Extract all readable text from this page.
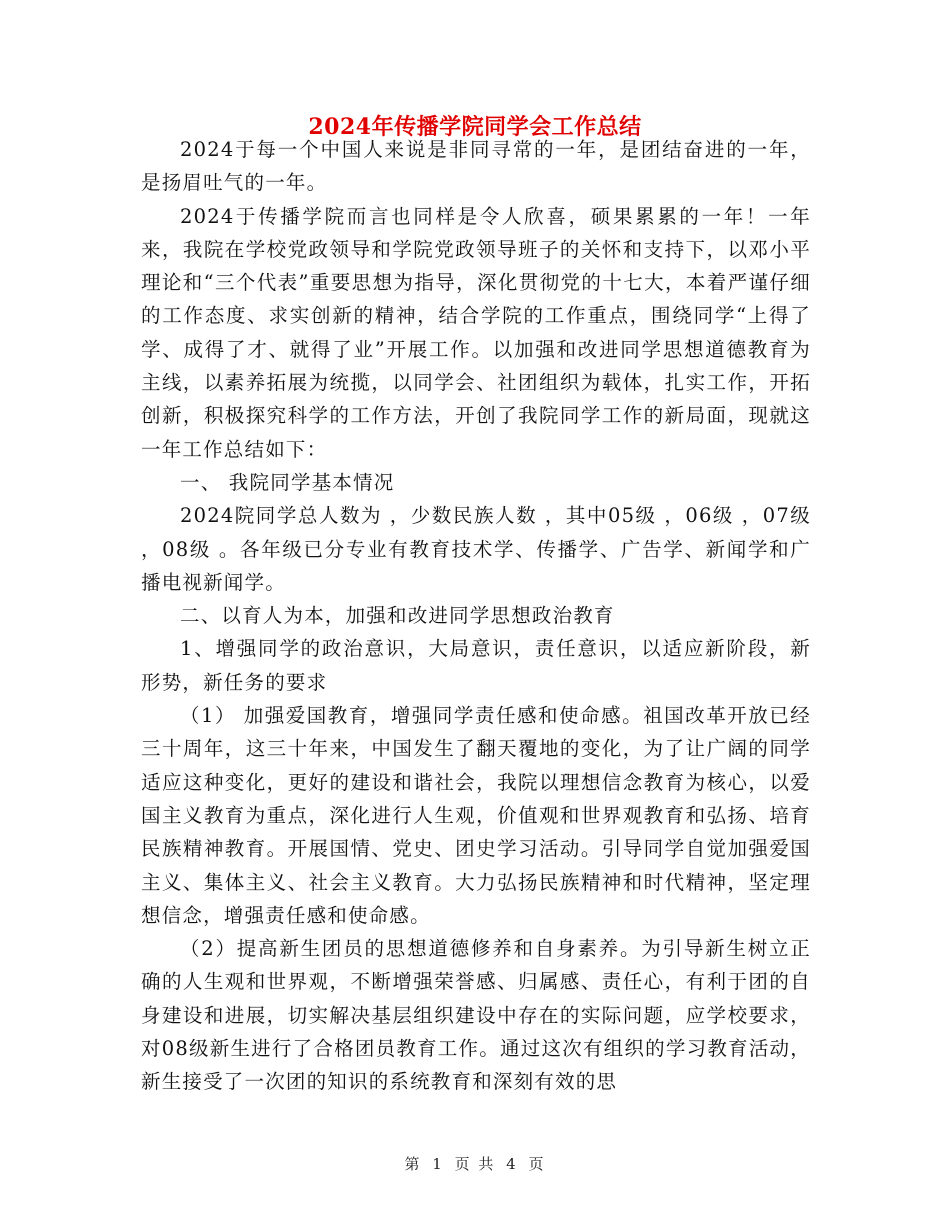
2024年传播学院同学会工作总结

2024于每一个中国人来说是非同寻常的一年，是团结奋进的一年，是扬眉吐气的一年。

2024于传播学院而言也同样是令人欣喜，硕果累累的一年！一年来，我院在学校党政领导和学院党政领导班子的关怀和支持下，以邓小平理论和“三个代表”重要思想为指导，深化贯彻党的十七大，本着严谨仔细的工作态度、求实创新的精神，结合学院的工作重点，围绕同学“上得了学、成得了才、就得了业”开展工作。以加强和改进同学思想道德教育为主线，以素养拓展为统揽，以同学会、社团组织为载体，扎实工作，开拓创新，积极探究科学的工作方法，开创了我院同学工作的新局面，现就这一年工作总结如下：

一、 我院同学基本情况

2024院同学总人数为 ，少数民族人数 ，其中05级 ，06级 ，07级 ，08级 。各年级已分专业有教育技术学、传播学、广告学、新闻学和广播电视新闻学。

二、以育人为本，加强和改进同学思想政治教育

1、增强同学的政治意识，大局意识，责任意识，以适应新阶段，新形势，新任务的要求

（1） 加强爱国教育，增强同学责任感和使命感。祖国改革开放已经三十周年，这三十年来，中国发生了翻天覆地的变化，为了让广阔的同学适应这种变化，更好的建设和谐社会，我院以理想信念教育为核心，以爱国主义教育为重点，深化进行人生观，价值观和世界观教育和弘扬、培育民族精神教育。开展国情、党史、团史学习活动。引导同学自觉加强爱国主义、集体主义、社会主义教育。大力弘扬民族精神和时代精神，坚定理想信念，增强责任感和使命感。

（2）提高新生团员的思想道德修养和自身素养。为引导新生树立正确的人生观和世界观，不断增强荣誉感、归属感、责任心，有利于团的自身建设和进展，切实解决基层组织建设中存在的实际问题，应学校要求，对08级新生进行了合格团员教育工作。通过这次有组织的学习教育活动，新生接受了一次团的知识的系统教育和深刻有效的思

第 1 页 共 4 页
